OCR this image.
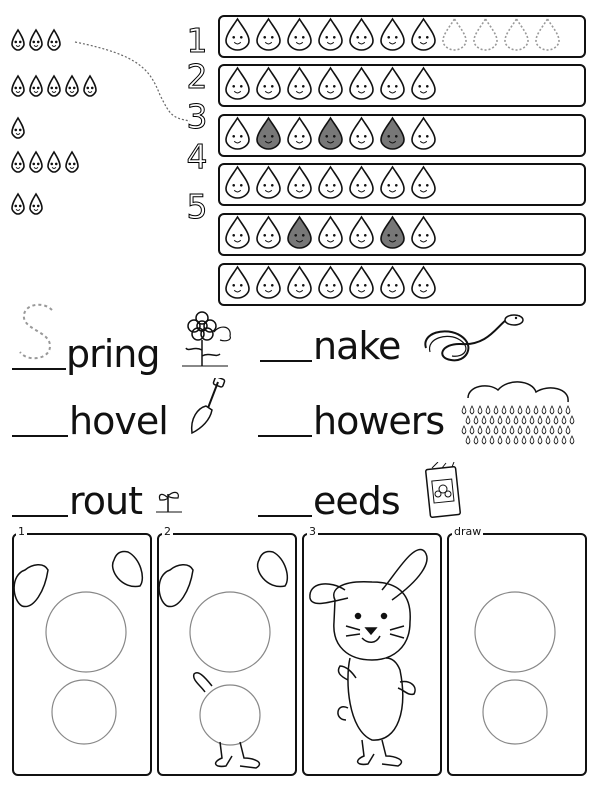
1
2
3
4
5
pring	nake
hovel	howers
rout	eeds
1	2	3	draw
